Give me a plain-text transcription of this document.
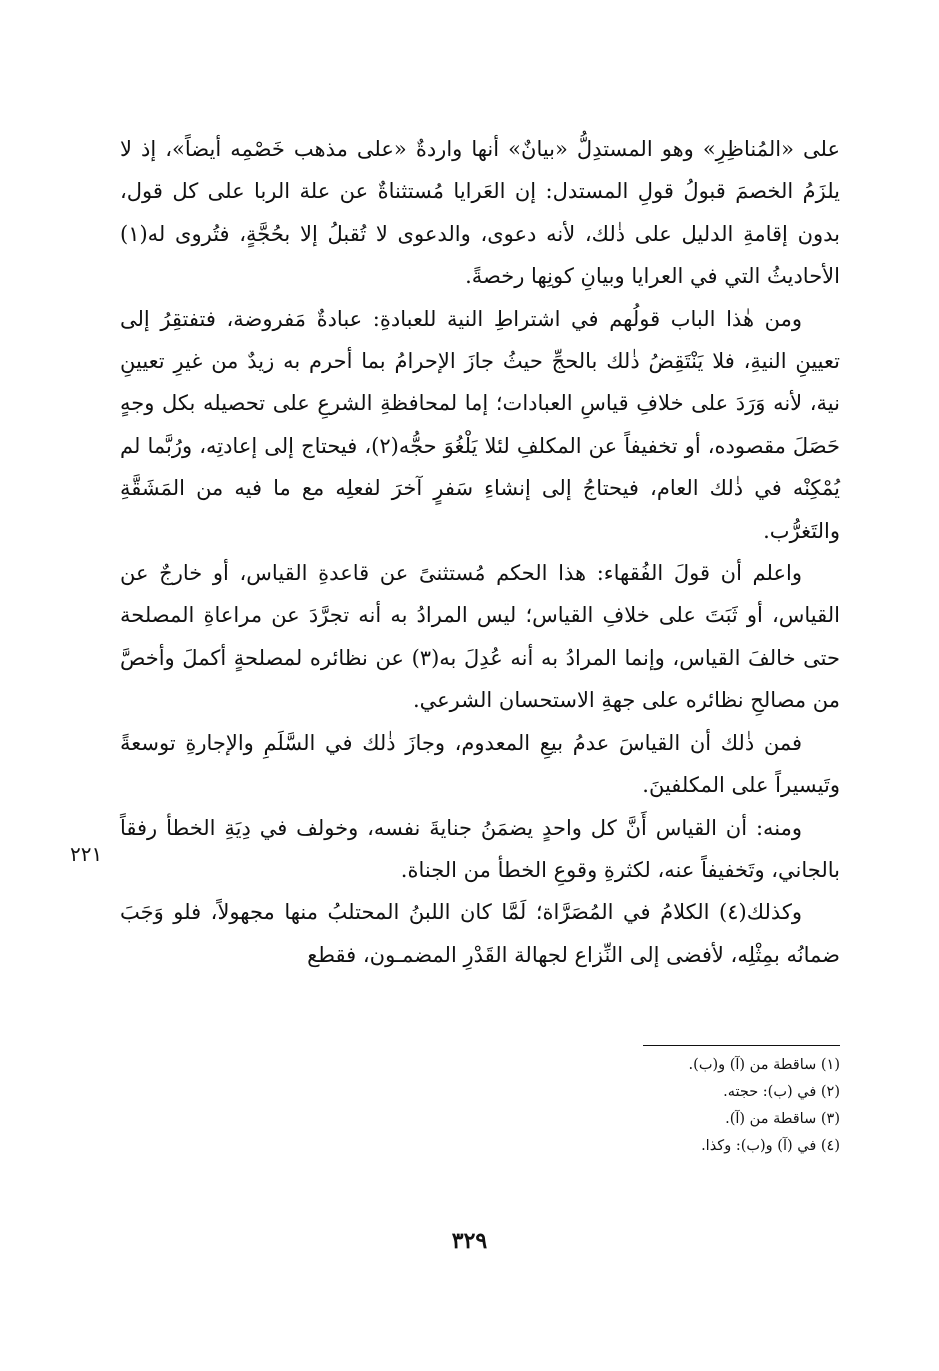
على «المُناظِرِ» وهو المستدِلُّ «بيانٌ» أنها واردةٌ «على مذهب خَصْمِه أيضاً»، إذ لا يلزَمُ الخصمَ قبولُ قولِ المستدل: إن العَرايا مُستثناةٌ عن علة الربا على كل قول، بدون إقامةِ الدليل على ذٰلك، لأنه دعوى، والدعوى لا تُقبلُ إلا بحُجَّةٍ، فتُروى له(١) الأحاديثُ التي في العرايا وبيانِ كونِها رخصةً.

ومن هٰذا الباب قولُهم في اشتراطِ النية للعبادةِ: عبادةٌ مَفروضة، فتفتقِرُ إلى تعيينِ النيةِ، فلا يَنْتَقِضُ ذٰلك بالحجِّ حيثُ جازَ الإحرامُ بما أحرم به زيدٌ من غيرِ تعيينِ نية، لأنه وَرَدَ على خلافِ قياسِ العبادات؛ إما لمحافظةِ الشرعِ على تحصيله بكل وجهٍ حَصَلَ مقصوده، أو تخفيفاً عن المكلفِ لئلا يَلْغُوَ حجُّه(٢)، فيحتاج إلى إعادتِه، ورُبَّما لم يُمْكِنْه في ذٰلك العام، فيحتاجُ إلى إنشاءِ سَفرٍ آخرَ لفعلِه مع ما فيه من المَشَقَّةِ والتَغرُّب.

واعلم أن قولَ الفُقهاء: هذا الحكم مُستثنىً عن قاعدةِ القياس، أو خارجٌ عن القياس، أو ثَبَتَ على خلافِ القياس؛ ليس المرادُ به أنه تجرَّدَ عن مراعاةِ المصلحة حتى خالفَ القياس، وإنما المرادُ به أنه عُدِلَ به(٣) عن نظائره لمصلحةٍ أكملَ وأخصَّ من مصالحِ نظائره على جهةِ الاستحسان الشرعي.

فمن ذٰلك أن القياسَ عدمُ بيعِ المعدوم، وجازَ ذٰلك في السَّلَمِ والإجارةِ توسعةً وتَيسيراً على المكلفينَ.

ومنه: أن القياس أَنَّ كل واحدٍ يضمَنُ جنايةَ نفسه، وخولف في دِيَةِ الخطأ رفقاً بالجاني، وتَخفيفاً عنه، لكثرةِ وقوعِ الخطأ من الجناة.

وكذلك(٤) الكلامُ في المُصَرَّاة؛ لَمَّا كان اللبنُ المحتلبُ منها مجهولاً، فلو وَجَبَ ضمانُه بمِثْلِه، لأفضى إلى النِّزاع لجهالة القَدْرِ المضمـون، فقطع

٢٢١

(١) ساقطة من (آ) و(ب).

(٢) في (ب): حجته.

(٣) ساقطة من (آ).

(٤) في (آ) و(ب): وكذا.

٣٢٩
